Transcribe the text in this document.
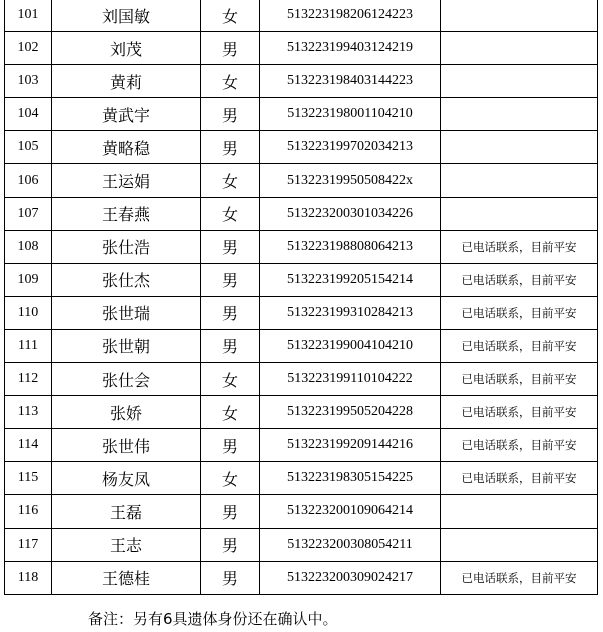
101	刘国敏	女	513223198206124223	
102	刘茂	男	513223199403124219	
103	黄莉	女	513223198403144223	
104	黄武宇	男	513223198001104210	
105	黄略稳	男	513223199702034213	
106	王运娟	女	51322319950508422x	
107	王春燕	女	513223200301034226	
108	张仕浩	男	513223198808064213	已电话联系，目前平安
109	张仕杰	男	513223199205154214	已电话联系，目前平安
110	张世瑞	男	513223199310284213	已电话联系，目前平安
111	张世朝	男	513223199004104210	已电话联系，目前平安
112	张仕会	女	513223199110104222	已电话联系，目前平安
113	张娇	女	513223199505204228	已电话联系，目前平安
114	张世伟	男	513223199209144216	已电话联系，目前平安
115	杨友凤	女	513223198305154225	已电话联系，目前平安
116	王磊	男	513223200109064214	
117	王志	男	513223200308054211	
118	王德桂	男	513223200309024217	已电话联系，目前平安
备注：另有6具遗体身份还在确认中。
